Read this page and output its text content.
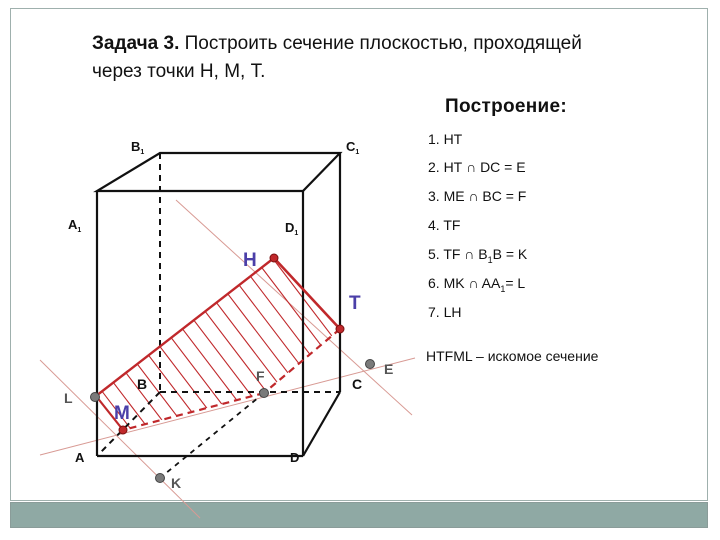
Задача 3. Построить сечение плоскостью, проходящей через точки Н, М, Т.
Построение:
1. НТ
2. НТ ∩ DC = E
3. ME ∩ BC = F
4. TF
5. TF ∩ $B_1B = K$
6. MK ∩ $AA_1= L$
7. LH
HTFML – искомое сечение
$B_1$	$C_1$
$A_1$	$D_1$
B	C
A	D
Н
Т
M
F	E
L
K
